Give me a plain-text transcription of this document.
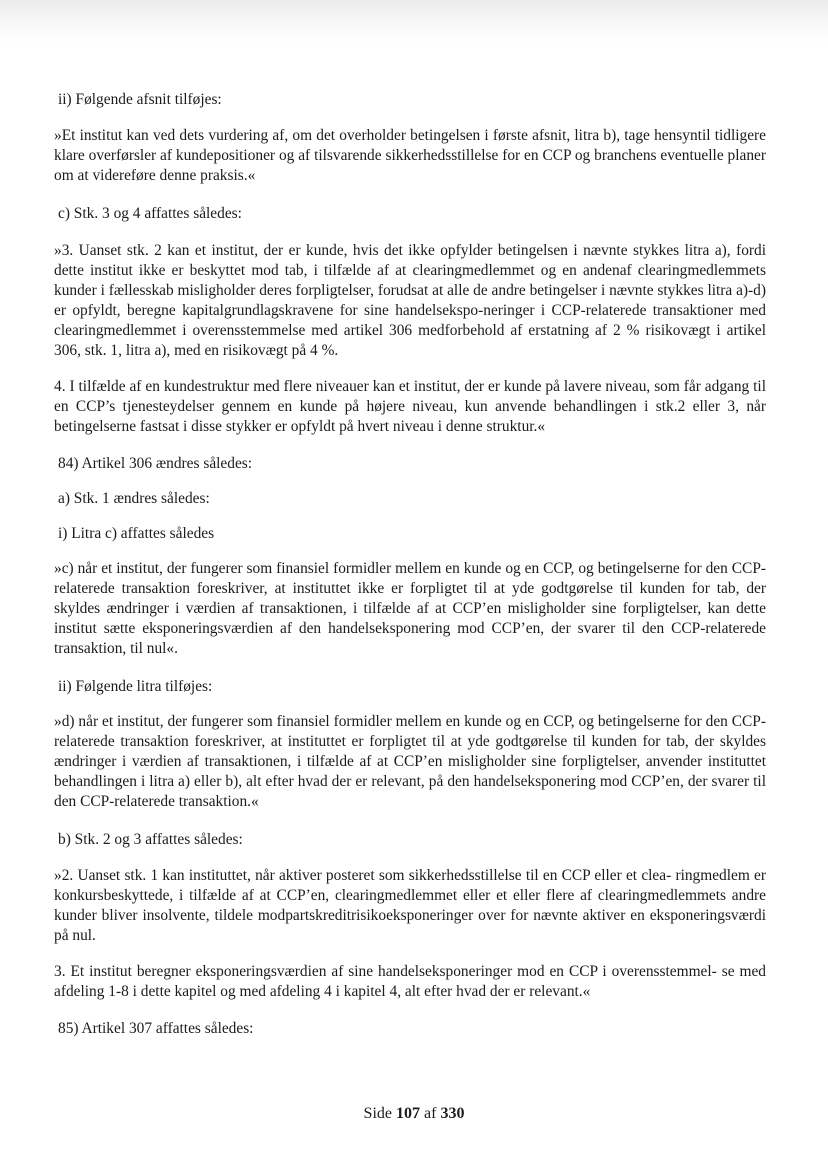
ii) Følgende afsnit tilføjes:

»Et institut kan ved dets vurdering af, om det overholder betingelsen i første afsnit, litra b), tage hensyntil tidligere klare overførsler af kundepositioner og af tilsvarende sikkerhedsstillelse for en CCP og branchens eventuelle planer om at videreføre denne praksis.«

c) Stk. 3 og 4 affattes således:

»3. Uanset stk. 2 kan et institut, der er kunde, hvis det ikke opfylder betingelsen i nævnte stykkes litra a), fordi dette institut ikke er beskyttet mod tab, i tilfælde af at clearingmedlemmet og en andenaf clearingmedlemmets kunder i fællesskab misligholder deres forpligtelser, forudsat at alle de andre betingelser i nævnte stykkes litra a)-d) er opfyldt, beregne kapitalgrundlagskravene for sine handelsekspo-neringer i CCP-relaterede transaktioner med clearingmedlemmet i overensstemmelse med artikel 306 medforbehold af erstatning af 2 % risikovægt i artikel 306, stk. 1, litra a), med en risikovægt på 4 %.

4. I tilfælde af en kundestruktur med flere niveauer kan et institut, der er kunde på lavere niveau, som får adgang til en CCP’s tjenesteydelser gennem en kunde på højere niveau, kun anvende behandlingen i stk.2 eller 3, når betingelserne fastsat i disse stykker er opfyldt på hvert niveau i denne struktur.«

84) Artikel 306 ændres således:

a) Stk. 1 ændres således:

i) Litra c) affattes således

»c) når et institut, der fungerer som finansiel formidler mellem en kunde og en CCP, og betingelserne for den CCP-relaterede transaktion foreskriver, at instituttet ikke er forpligtet til at yde godtgørelse til kunden for tab, der skyldes ændringer i værdien af transaktionen, i tilfælde af at CCP’en misligholder sine forpligtelser, kan dette institut sætte eksponeringsværdien af den handelseksponering mod CCP’en, der svarer til den CCP-relaterede transaktion, til nul«.

ii) Følgende litra tilføjes:

»d) når et institut, der fungerer som finansiel formidler mellem en kunde og en CCP, og betingelserne for den CCP-relaterede transaktion foreskriver, at instituttet er forpligtet til at yde godtgørelse til kunden for tab, der skyldes ændringer i værdien af transaktionen, i tilfælde af at CCP’en misligholder sine forpligtelser, anvender instituttet behandlingen i litra a) eller b), alt efter hvad der er relevant, på den handelseksponering mod CCP’en, der svarer til den CCP-relaterede transaktion.«

b) Stk. 2 og 3 affattes således:

»2. Uanset stk. 1 kan instituttet, når aktiver posteret som sikkerhedsstillelse til en CCP eller et clea- ringmedlem er konkursbeskyttede, i tilfælde af at CCP’en, clearingmedlemmet eller et eller flere af clearingmedlemmets andre kunder bliver insolvente, tildele modpartskreditrisikoeksponeringer over for nævnte aktiver en eksponeringsværdi på nul.

3. Et institut beregner eksponeringsværdien af sine handelseksponeringer mod en CCP i overensstemmel- se med afdeling 1-8 i dette kapitel og med afdeling 4 i kapitel 4, alt efter hvad der er relevant.«

85) Artikel 307 affattes således:

Side 107 af 330
